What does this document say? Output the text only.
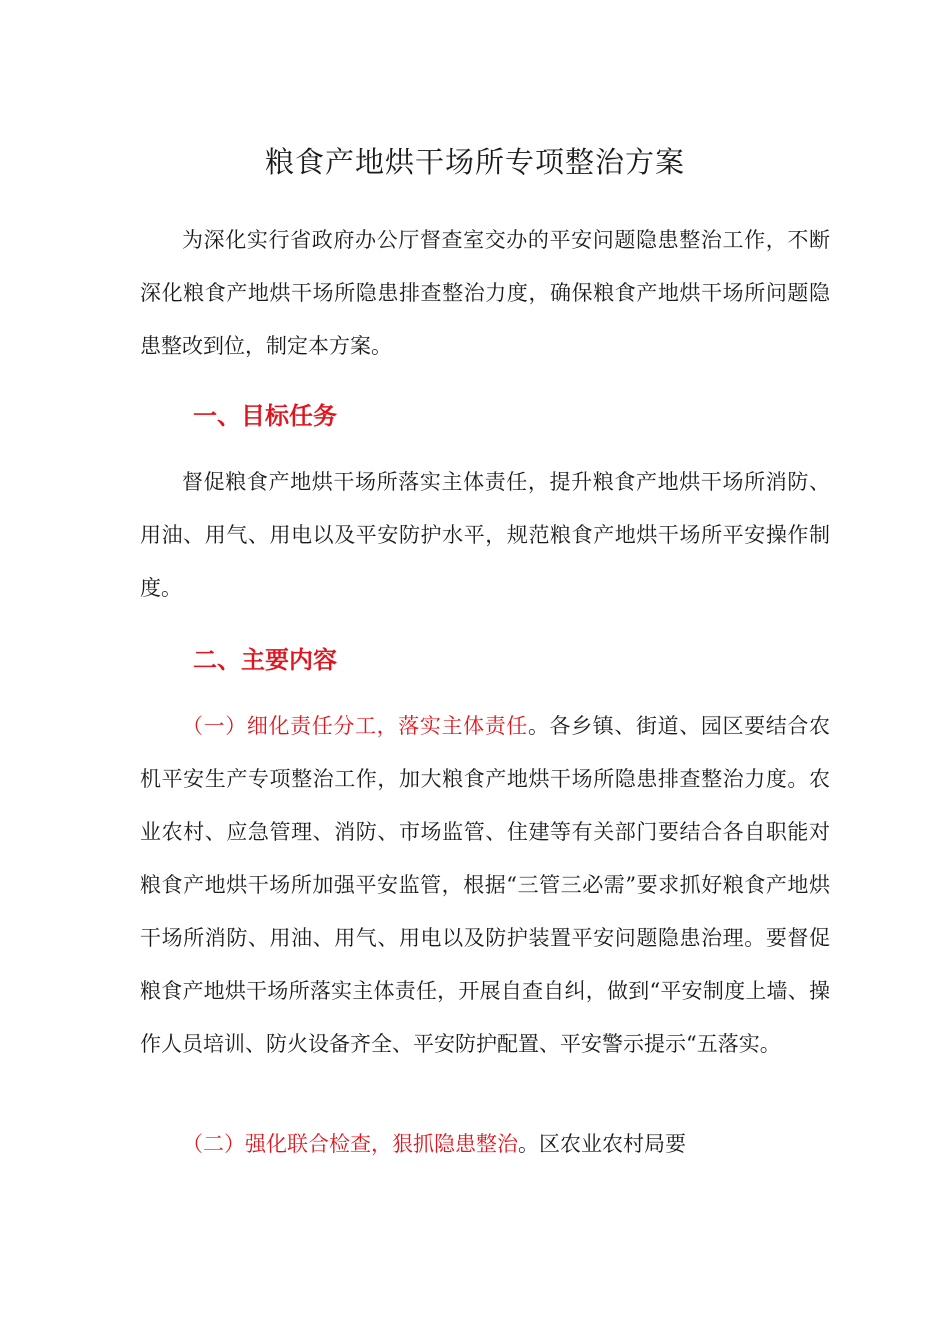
粮食产地烘干场所专项整治方案

为深化实行省政府办公厅督查室交办的平安问题隐患整治工作，不断深化粮食产地烘干场所隐患排查整治力度，确保粮食产地烘干场所问题隐患整改到位，制定本方案。

一、目标任务

督促粮食产地烘干场所落实主体责任，提升粮食产地烘干场所消防、用油、用气、用电以及平安防护水平，规范粮食产地烘干场所平安操作制度。

二、主要内容

（一）细化责任分工，落实主体责任。各乡镇、街道、园区要结合农机平安生产专项整治工作，加大粮食产地烘干场所隐患排查整治力度。农业农村、应急管理、消防、市场监管、住建等有关部门要结合各自职能对粮食产地烘干场所加强平安监管，根据“三管三必需”要求抓好粮食产地烘干场所消防、用油、用气、用电以及防护装置平安问题隐患治理。要督促粮食产地烘干场所落实主体责任，开展自查自纠，做到“平安制度上墙、操作人员培训、防火设备齐全、平安防护配置、平安警示提示“五落实。

（二）强化联合检查，狠抓隐患整治。区农业农村局要
